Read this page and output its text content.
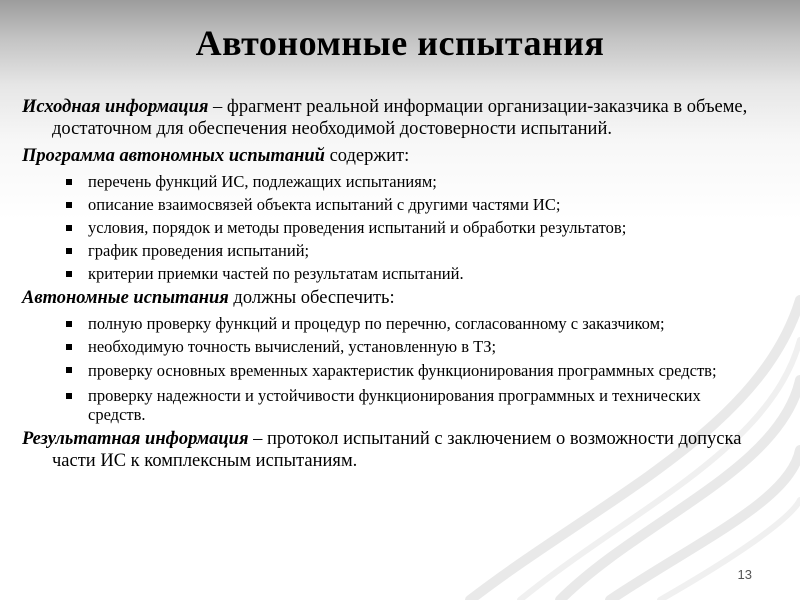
Автономные испытания

Исходная информация – фрагмент реальной информации организации-заказчика в объеме, достаточном для обеспечения необходимой достоверности испытаний.

Программа автономных испытаний содержит:

перечень функций ИС, подлежащих испытаниям;
описание взаимосвязей объекта испытаний с другими частями ИС;
условия, порядок и методы проведения испытаний и обработки результатов;
график проведения испытаний;
критерии приемки частей по результатам испытаний.

Автономные испытания должны обеспечить:

полную проверку функций и процедур по перечню, согласованному с заказчиком;
необходимую точность вычислений, установленную в ТЗ;
проверку основных временных характеристик функционирования программных средств;
проверку надежности и устойчивости функционирования программных и технических средств.

Результатная информация – протокол испытаний с заключением о возможности допуска части ИС к комплексным испытаниям.

13
